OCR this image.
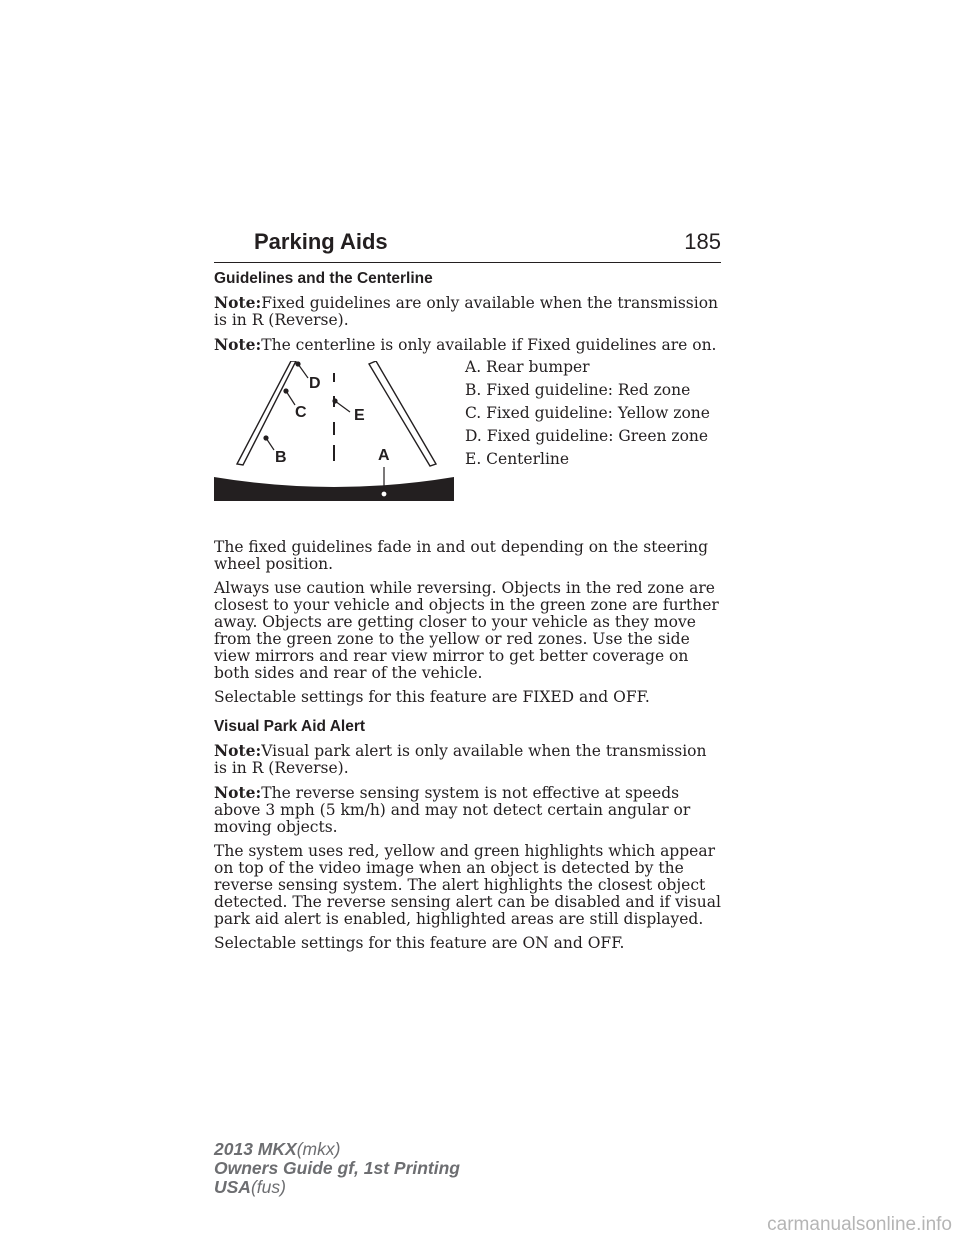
Parking Aids	185
Guidelines and the Centerline

Note:Fixed guidelines are only available when the transmission is in R (Reverse).

Note:The centerline is only available if Fixed guidelines are on.

D
C	E
B	A
A. Rear bumper
B. Fixed guideline: Red zone
C. Fixed guideline: Yellow zone
D. Fixed guideline: Green zone
E. Centerline

The fixed guidelines fade in and out depending on the steering wheel position.

Always use caution while reversing. Objects in the red zone are closest to your vehicle and objects in the green zone are further away. Objects are getting closer to your vehicle as they move from the green zone to the yellow or red zones. Use the side view mirrors and rear view mirror to get better coverage on both sides and rear of the vehicle.

Selectable settings for this feature are FIXED and OFF.

Visual Park Aid Alert

Note:Visual park alert is only available when the transmission is in R (Reverse).

Note:The reverse sensing system is not effective at speeds above 3 mph (5 km/h) and may not detect certain angular or moving objects.

The system uses red, yellow and green highlights which appear on top of the video image when an object is detected by the reverse sensing system. The alert highlights the closest object detected. The reverse sensing alert can be disabled and if visual park aid alert is enabled, highlighted areas are still displayed.

Selectable settings for this feature are ON and OFF.

2013 MKX(mkx)
Owners Guide gf, 1st Printing
USA(fus)
carmanualsonline.info
